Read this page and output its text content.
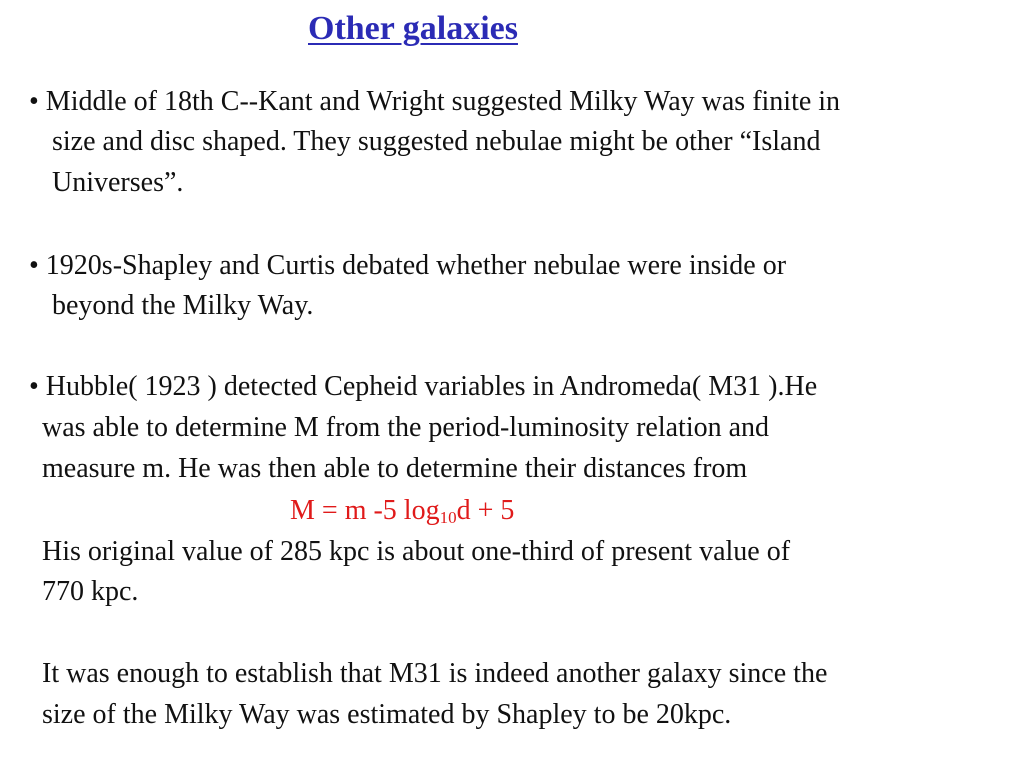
Other galaxies
• Middle of 18th C--Kant and Wright suggested Milky Way was finite in
size and disc shaped. They suggested nebulae might be other “Island
Universes”.
• 1920s-Shapley and Curtis debated whether nebulae were inside or
beyond the Milky Way.
• Hubble( 1923 ) detected Cepheid variables in Andromeda( M31 ).He
was able to determine M from the period-luminosity relation and
measure m. He was then able to determine their distances from
M = m -5 $\log_{10}d + 5$
His original value of 285 kpc is about one-third of present value of
770 kpc.
It was enough to establish that M31 is indeed another galaxy since the
size of the Milky Way was estimated by Shapley to be 20kpc.
